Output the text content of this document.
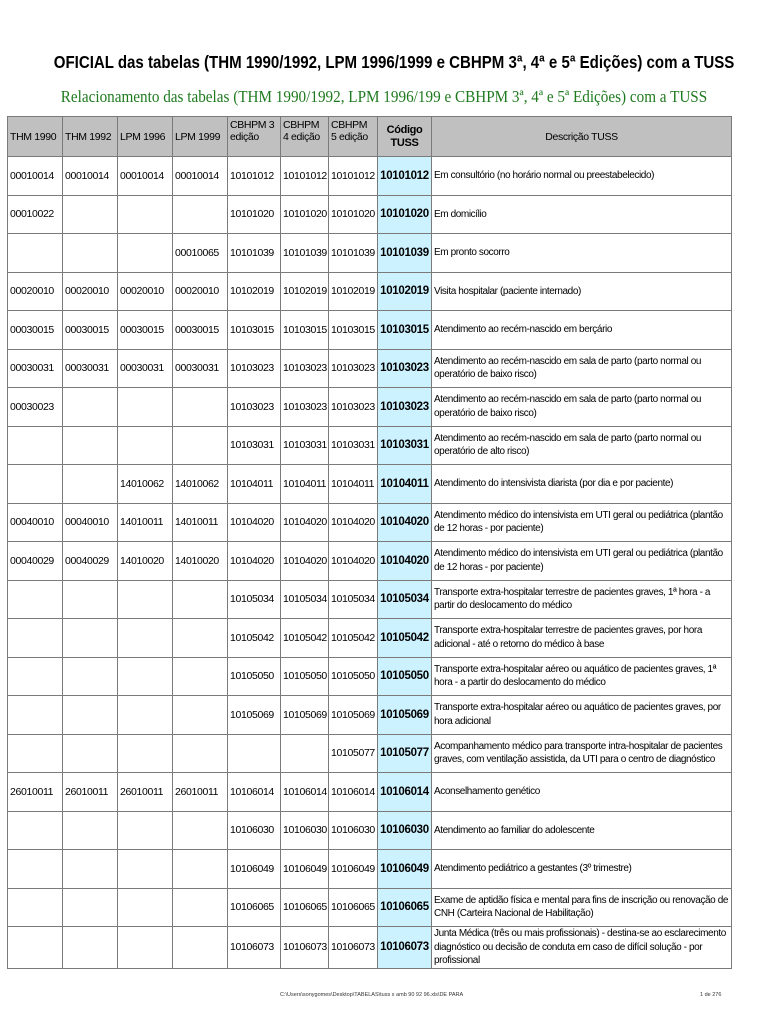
OFICIAL das tabelas (THM 1990/1992, LPM 1996/1999 e CBHPM 3ª, 4ª e 5ª Edições) com a TUSS
Relacionamento das tabelas (THM 1990/1992, LPM 1996/199 e CBHPM 3ª, 4ª e 5ª Edições) com a TUSS
THM 1990	THM 1992	LPM 1996	LPM 1999	CBHPM 3 edição	CBHPM 4 edição	CBHPM 5 edição	Código TUSS	Descrição TUSS
00010014	00010014	00010014	00010014	10101012	10101012	10101012	10101012	Em consultório (no horário normal ou preestabelecido)
00010022				10101020	10101020	10101020	10101020	Em domicílio
			00010065	10101039	10101039	10101039	10101039	Em pronto socorro
00020010	00020010	00020010	00020010	10102019	10102019	10102019	10102019	Visita hospitalar (paciente internado)
00030015	00030015	00030015	00030015	10103015	10103015	10103015	10103015	Atendimento ao recém-nascido em berçário
00030031	00030031	00030031	00030031	10103023	10103023	10103023	10103023	Atendimento ao recém-nascido em sala de parto (parto normal ou operatório de baixo risco)
00030023				10103023	10103023	10103023	10103023	Atendimento ao recém-nascido em sala de parto (parto normal ou operatório de baixo risco)
				10103031	10103031	10103031	10103031	Atendimento ao recém-nascido em sala de parto (parto normal ou operatório de alto risco)
		14010062	14010062	10104011	10104011	10104011	10104011	Atendimento do intensivista diarista (por dia e por paciente)
00040010	00040010	14010011	14010011	10104020	10104020	10104020	10104020	Atendimento médico do intensivista em UTI geral ou pediátrica (plantão de 12 horas - por paciente)
00040029	00040029	14010020	14010020	10104020	10104020	10104020	10104020	Atendimento médico do intensivista em UTI geral ou pediátrica (plantão de 12 horas - por paciente)
				10105034	10105034	10105034	10105034	Transporte extra-hospitalar terrestre de pacientes graves, 1ª hora - a partir do deslocamento do médico
				10105042	10105042	10105042	10105042	Transporte extra-hospitalar terrestre de pacientes graves, por hora adicional - até o retorno do médico à base
				10105050	10105050	10105050	10105050	Transporte extra-hospitalar aéreo ou aquático de pacientes graves, 1ª hora - a partir do deslocamento do médico
				10105069	10105069	10105069	10105069	Transporte extra-hospitalar aéreo ou aquático de pacientes graves, por hora adicional
						10105077	10105077	Acompanhamento médico para transporte intra-hospitalar de pacientes graves, com ventilação assistida, da UTI para o centro de diagnóstico
26010011	26010011	26010011	26010011	10106014	10106014	10106014	10106014	Aconselhamento genético
				10106030	10106030	10106030	10106030	Atendimento ao familiar do adolescente
				10106049	10106049	10106049	10106049	Atendimento pediátrico a gestantes (3º trimestre)
				10106065	10106065	10106065	10106065	Exame de aptidão física e mental para fins de inscrição ou renovação de CNH (Carteira Nacional de Habilitação)
				10106073	10106073	10106073	10106073	Junta Médica (três ou mais profissionais) - destina-se ao esclarecimento diagnóstico ou decisão de conduta em caso de difícil solução - por profissional
C:\Users\sonygomes\Desktop\TABELAS\tuss x amb 90 92 96.xls\DE PARA	1 de 276
